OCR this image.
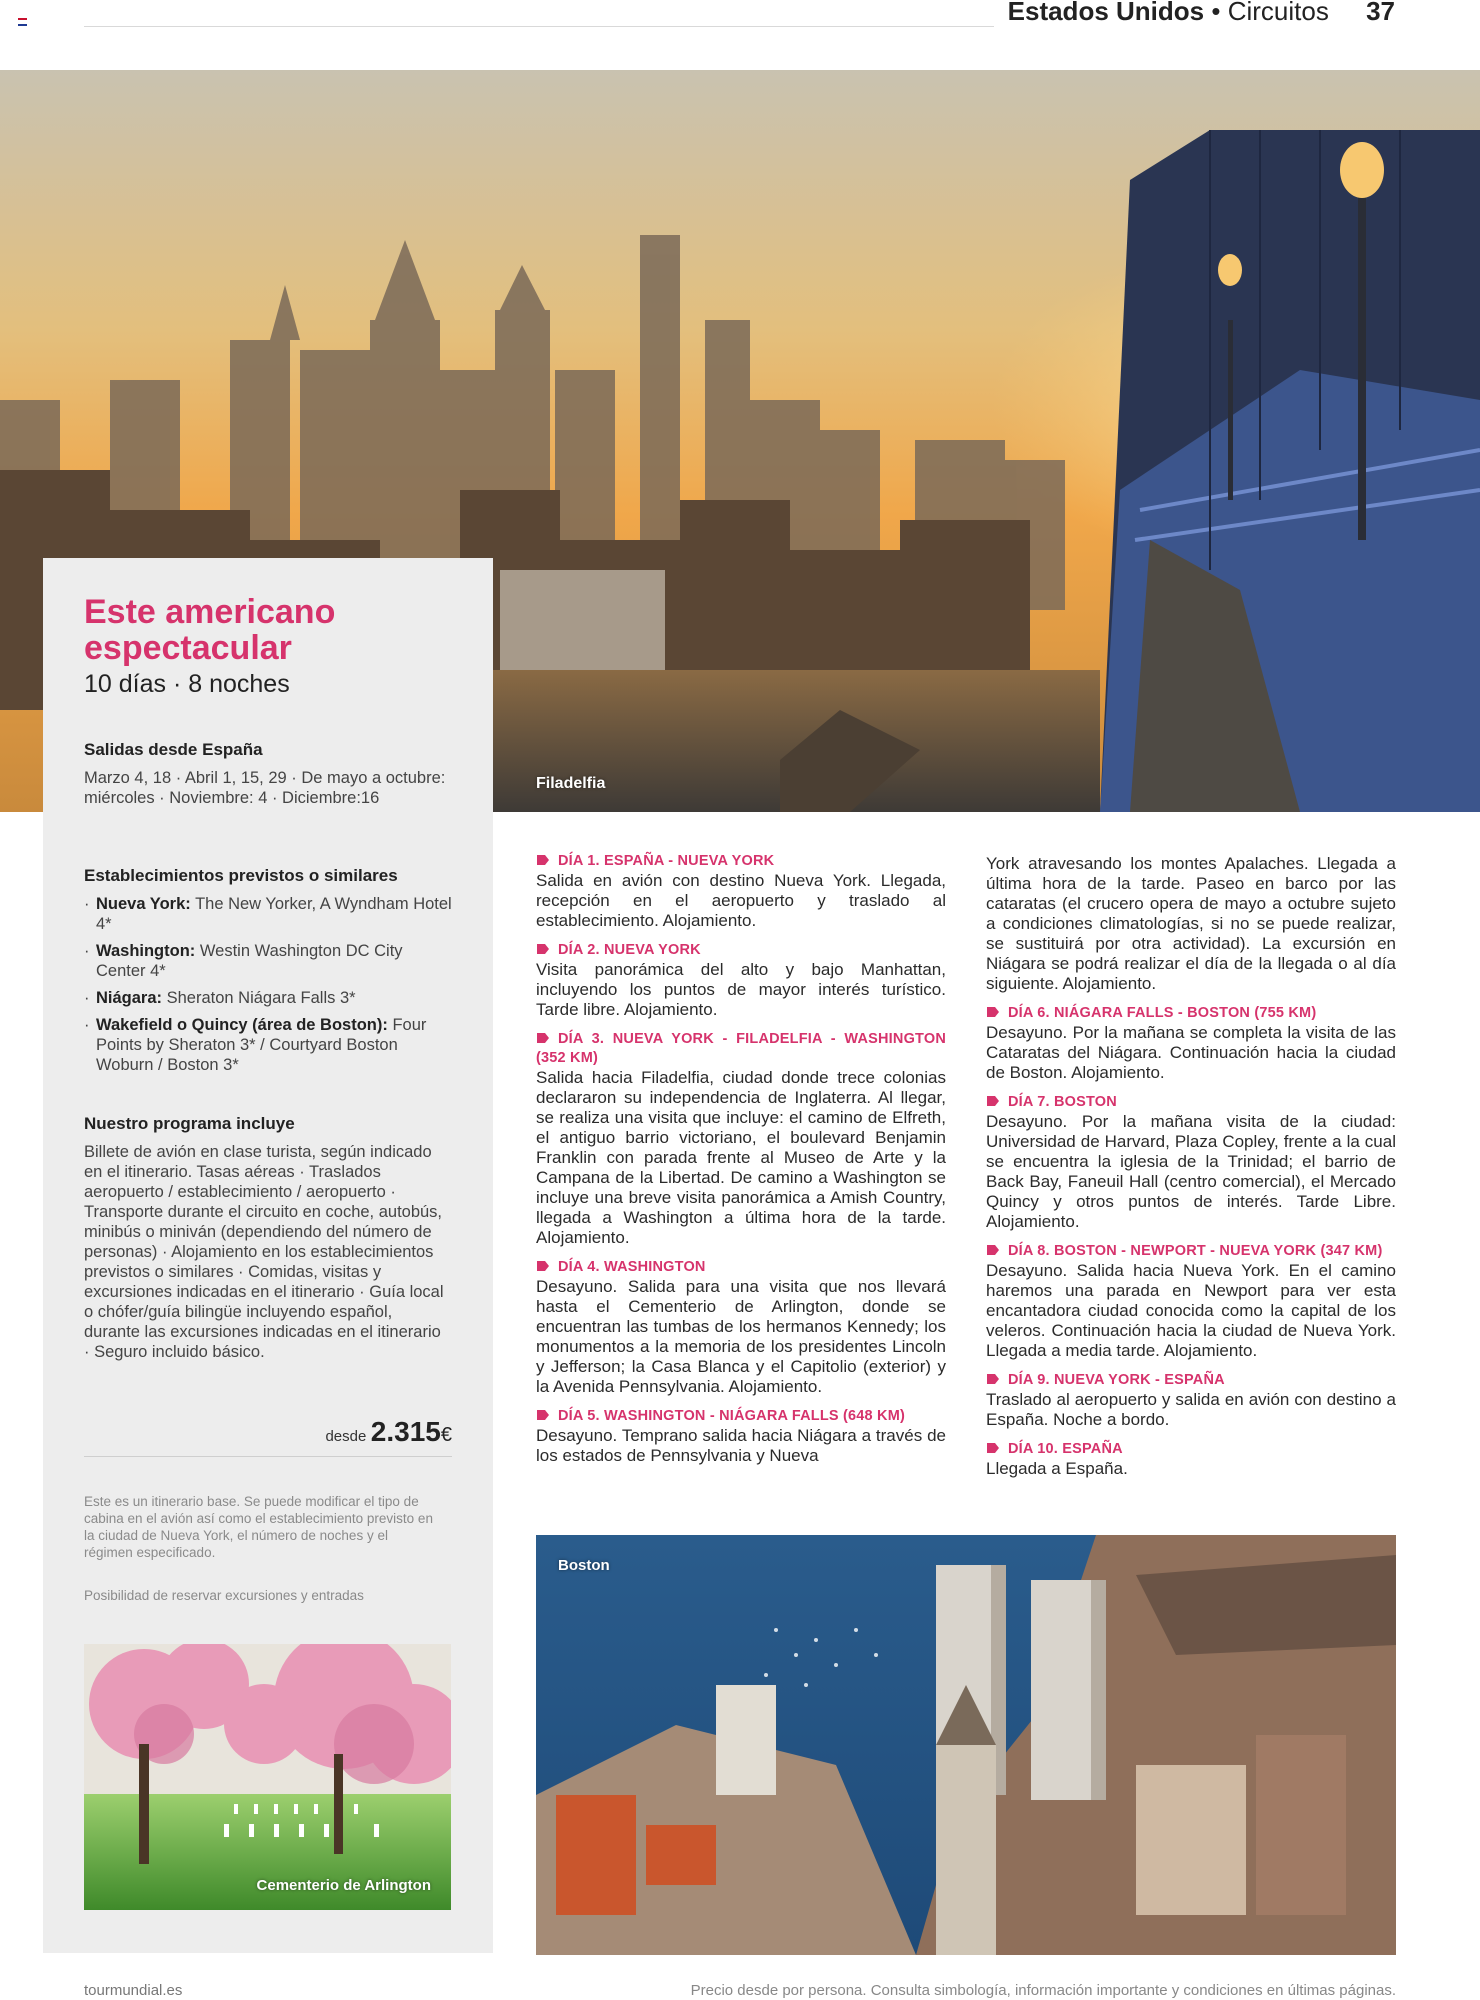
Estados Unidos • Circuitos 37
Filadelfia
Este americano espectacular
10 días · 8 noches
Salidas desde España
Marzo 4, 18 · Abril 1, 15, 29 · De mayo a octubre: miércoles · Noviembre: 4 · Diciembre:16
Establecimientos previstos o similares
· Nueva York: The New Yorker, A Wyndham Hotel 4*
· Washington: Westin Washington DC City Center 4*
· Niágara: Sheraton Niágara Falls 3*
· Wakefield o Quincy (área de Boston): Four Points by Sheraton 3* / Courtyard Boston Woburn / Boston 3*
Nuestro programa incluye
Billete de avión en clase turista, según indicado en el itinerario. Tasas aéreas · Traslados aeropuerto / establecimiento / aeropuerto · Transporte durante el circuito en coche, autobús, minibús o miniván (dependiendo del número de personas) · Alojamiento en los establecimientos previstos o similares · Comidas, visitas y excursiones indicadas en el itinerario · Guía local o chófer/guía bilingüe incluyendo español, durante las excursiones indicadas en el itinerario · Seguro incluido básico.
desde 2.315€
Este es un itinerario base. Se puede modificar el tipo de cabina en el avión así como el establecimiento previsto en la ciudad de Nueva York, el número de noches y el régimen especificado.
Posibilidad de reservar excursiones y entradas
Cementerio de Arlington
DÍA 1. ESPAÑA - NUEVA YORK

Salida en avión con destino Nueva York. Llegada, recepción en el aeropuerto y traslado al establecimiento. Alojamiento.

DÍA 2. NUEVA YORK

Visita panorámica del alto y bajo Manhattan, incluyendo los puntos de mayor interés turístico. Tarde libre. Alojamiento.

DÍA 3. NUEVA YORK - FILADELFIA - WASHINGTON (352 KM)

Salida hacia Filadelfia, ciudad donde trece colonias declararon su independencia de Inglaterra. Al llegar, se realiza una visita que incluye: el camino de Elfreth, el antiguo barrio victoriano, el boulevard Benjamin Franklin con parada frente al Museo de Arte y la Campana de la Libertad. De camino a Washington se incluye una breve visita panorámica a Amish Country, llegada a Washington a última hora de la tarde. Alojamiento.

DÍA 4. WASHINGTON

Desayuno. Salida para una visita que nos llevará hasta el Cementerio de Arlington, donde se encuentran las tumbas de los hermanos Kennedy; los monumentos a la memoria de los presidentes Lincoln y Jefferson; la Casa Blanca y el Capitolio (exterior) y la Avenida Pennsylvania. Alojamiento.

DÍA 5. WASHINGTON - NIÁGARA FALLS (648 KM)

Desayuno. Temprano salida hacia Niágara a través de los estados de Pennsylvania y Nueva

York atravesando los montes Apalaches. Llegada a última hora de la tarde. Paseo en barco por las cataratas (el crucero opera de mayo a octubre sujeto a condiciones climatologías, si no se puede realizar, se sustituirá por otra actividad). La excursión en Niágara se podrá realizar el día de la llegada o al día siguiente. Alojamiento.

DÍA 6. NIÁGARA FALLS - BOSTON (755 KM)

Desayuno. Por la mañana se completa la visita de las Cataratas del Niágara. Continuación hacia la ciudad de Boston. Alojamiento.

DÍA 7. BOSTON

Desayuno. Por la mañana visita de la ciudad: Universidad de Harvard, Plaza Copley, frente a la cual se encuentra la iglesia de la Trinidad; el barrio de Back Bay, Faneuil Hall (centro comercial), el Mercado Quincy y otros puntos de interés. Tarde Libre. Alojamiento.

DÍA 8. BOSTON - NEWPORT - NUEVA YORK (347 KM)

Desayuno. Salida hacia Nueva York. En el camino haremos una parada en Newport para ver esta encantadora ciudad conocida como la capital de los veleros. Continuación hacia la ciudad de Nueva York. Llegada a media tarde. Alojamiento.

DÍA 9. NUEVA YORK - ESPAÑA

Traslado al aeropuerto y salida en avión con destino a España. Noche a bordo.

DÍA 10. ESPAÑA

Llegada a España.

Boston
tourmundial.es	Precio desde por persona. Consulta simbología, información importante y condiciones en últimas páginas.
